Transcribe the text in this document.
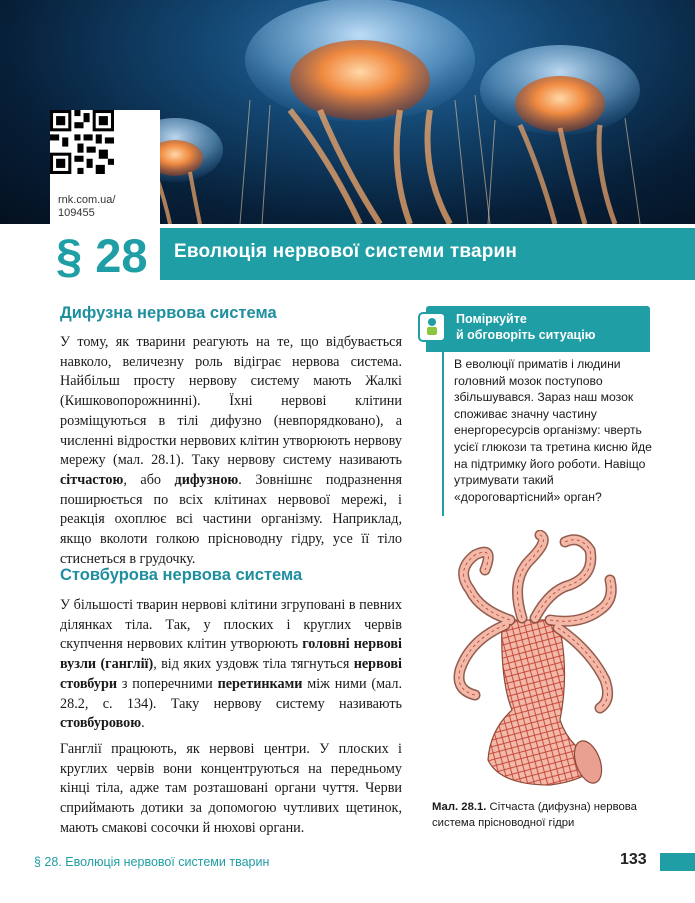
rnk.com.ua/
109455
§ 28 Еволюція нервової системи тварин
Дифузна нервова система

У тому, як тварини реагують на те, що відбувається навколо, величезну роль відіграє нервова система. Найбільш просту нервову систему мають Жалкі (Кишковопорожнинні). Їхні нервові клітини розміщуються в тілі дифузно (невпорядковано), а численні відростки нервових клітин утворюють нервову мережу (мал. 28.1). Таку нервову систему називають сітчастою, або дифузною. Зовнішнє подразнення поширюється по всіх клітинах нервової мережі, і реакція охоплює всі частини організму. Наприклад, якщо вколоти голкою прісноводну гідру, усе її тіло стиснеться в грудочку.

Стовбурова нервова система

У більшості тварин нервові клітини згруповані в певних ділянках тіла. Так, у плоских і круглих червів скупчення нервових клітин утворюють головні нервові вузли (ганглії), від яких уздовж тіла тягнуться нервові стовбури з поперечними перетинками між ними (мал. 28.2, с. 134). Таку нервову систему називають стовбуровою.

Ганглії працюють, як нервові центри. У плоских і круглих червів вони концентруються на передньому кінці тіла, адже там розташовані органи чуття. Черви сприймають дотики за допомогою чутливих щетинок, мають смакові сосочки й нюхові органи.

Поміркуйте
й обговоріть ситуацію
В еволюції приматів і людини головний мозок поступово збільшувався. Зараз наш мозок споживає значну частину енергоресурсів організму: чверть усієї глюкози та третина кисню йде на підтримку його роботи. Навіщо утримувати такий «дороговартісний» орган?
Мал. 28.1. Сітчаста (дифузна) нервова система прісноводної гідри
§ 28. Еволюція нервової системи тварин	133
